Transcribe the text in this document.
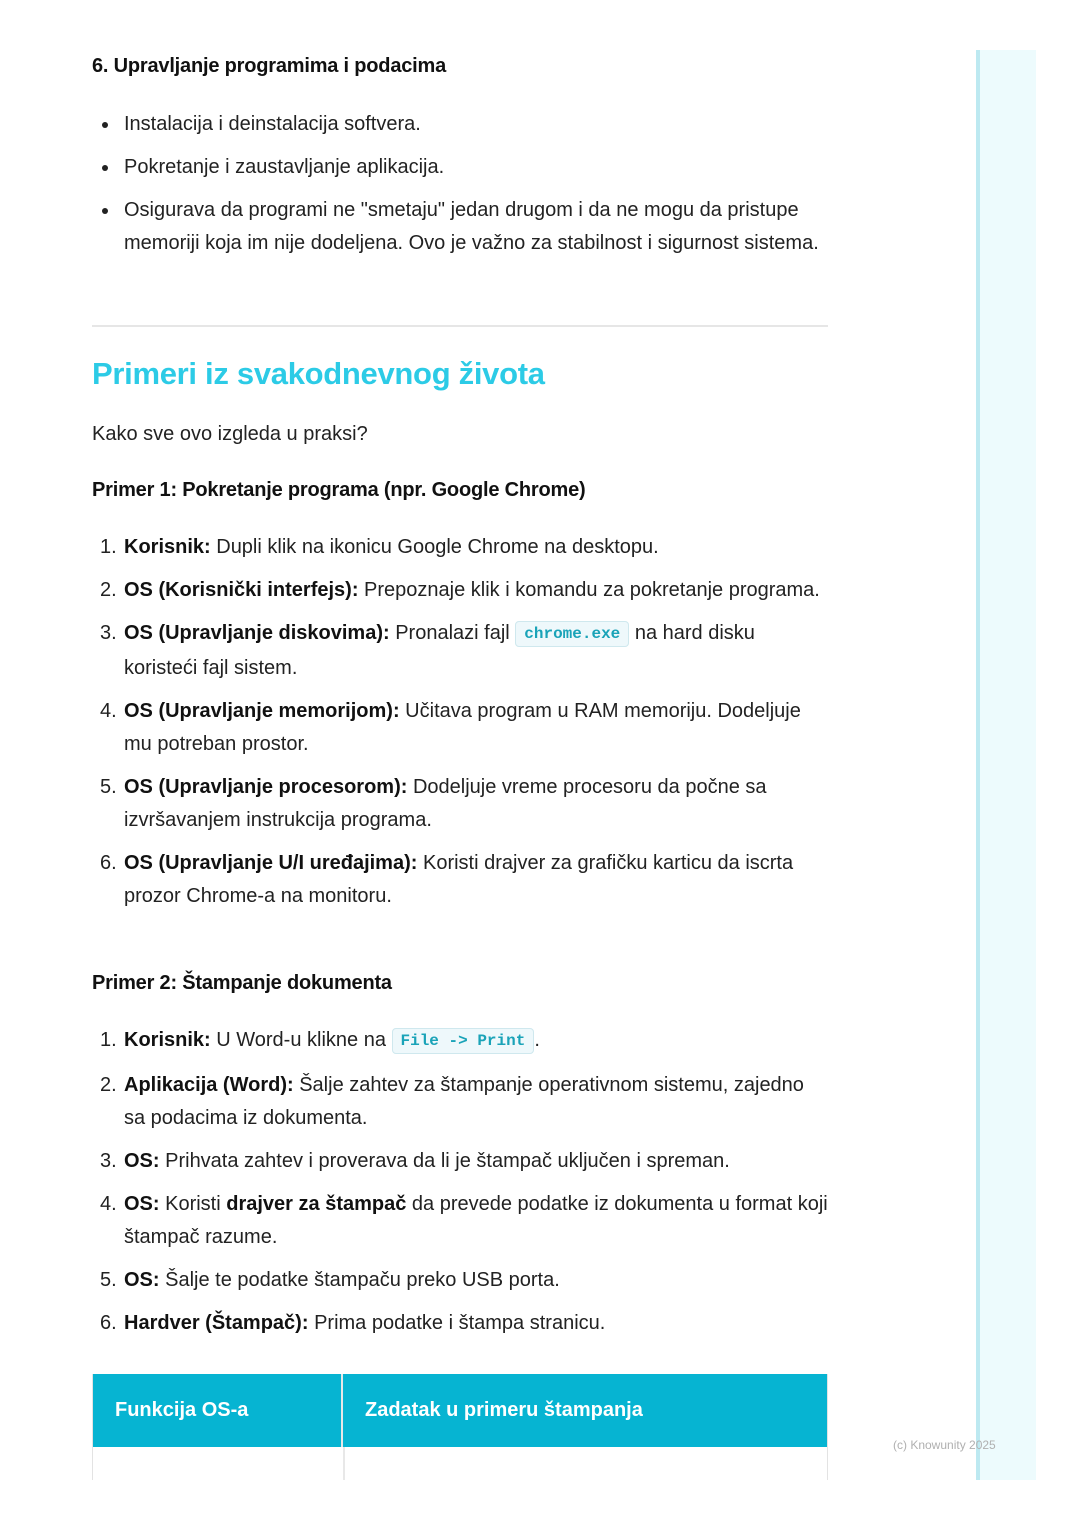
6. Upravljanje programima i podacima
Instalacija i deinstalacija softvera.
Pokretanje i zaustavljanje aplikacija.
Osigurava da programi ne "smetaju" jedan drugom i da ne mogu da pristupe memoriji koja im nije dodeljena. Ovo je važno za stabilnost i sigurnost sistema.
Primeri iz svakodnevnog života
Kako sve ovo izgleda u praksi?
Primer 1: Pokretanje programa (npr. Google Chrome)
1. Korisnik: Dupli klik na ikonicu Google Chrome na desktopu.
2. OS (Korisnički interfejs): Prepoznaje klik i komandu za pokretanje programa.
3. OS (Upravljanje diskovima): Pronalazi fajl chrome.exe na hard disku koristeći fajl sistem.
4. OS (Upravljanje memorijom): Učitava program u RAM memoriju. Dodeljuje mu potreban prostor.
5. OS (Upravljanje procesorom): Dodeljuje vreme procesoru da počne sa izvršavanjem instrukcija programa.
6. OS (Upravljanje U/I uređajima): Koristi drajver za grafičku karticu da iscrta prozor Chrome-a na monitoru.
Primer 2: Štampanje dokumenta
1. Korisnik: U Word-u klikne na File -> Print .
2. Aplikacija (Word): Šalje zahtev za štampanje operativnom sistemu, zajedno sa podacima iz dokumenta.
3. OS: Prihvata zahtev i proverava da li je štampač uključen i spreman.
4. OS: Koristi drajver za štampač da prevede podatke iz dokumenta u format koji štampač razume.
5. OS: Šalje te podatke štampaču preko USB porta.
6. Hardver (Štampač): Prima podatke i štampa stranicu.
Funkcija OS-a	Zadatak u primeru štampanja
(c) Knowunity 2025
